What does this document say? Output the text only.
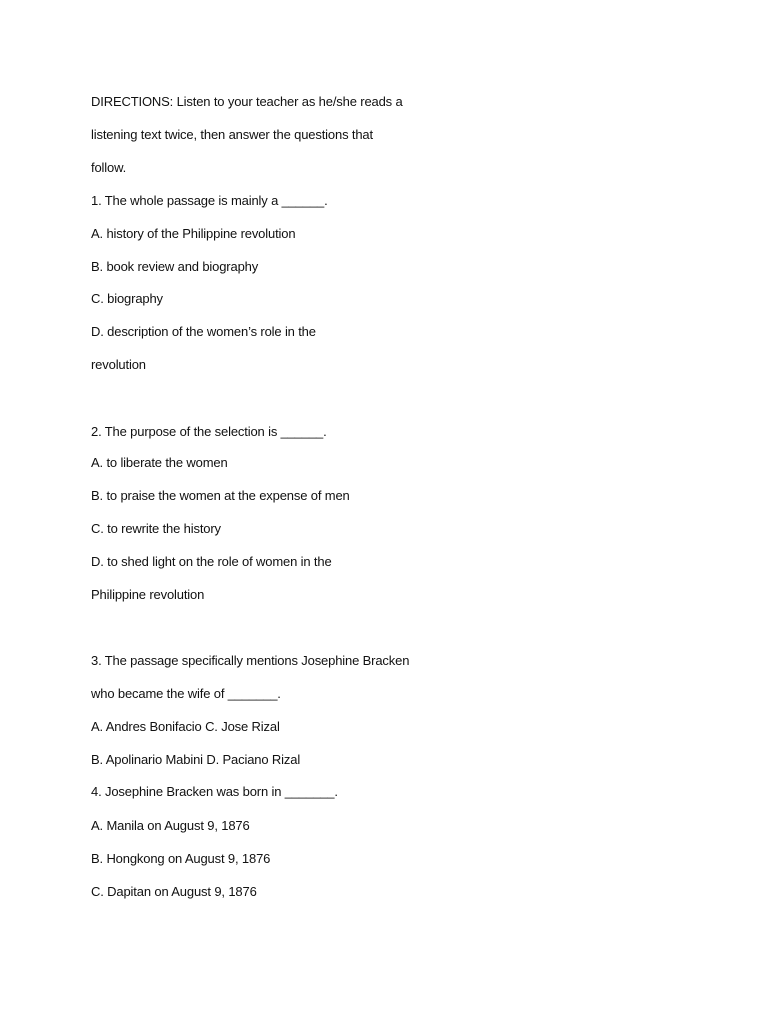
DIRECTIONS: Listen to your teacher as he/she reads a
listening text twice, then answer the questions that
follow.
1. The whole passage is mainly a ______.
A. history of the Philippine revolution
B. book review and biography
C. biography
D. description of the women’s role in the
revolution
2. The purpose of the selection is ______.
A. to liberate the women
B. to praise the women at the expense of men
C. to rewrite the history
D. to shed light on the role of women in the
Philippine revolution
3. The passage specifically mentions Josephine Bracken
who became the wife of _______.
A. Andres Bonifacio C. Jose Rizal
B. Apolinario Mabini D. Paciano Rizal
4. Josephine Bracken was born in _______.
A. Manila on August 9, 1876
B. Hongkong on August 9, 1876
C. Dapitan on August 9, 1876
